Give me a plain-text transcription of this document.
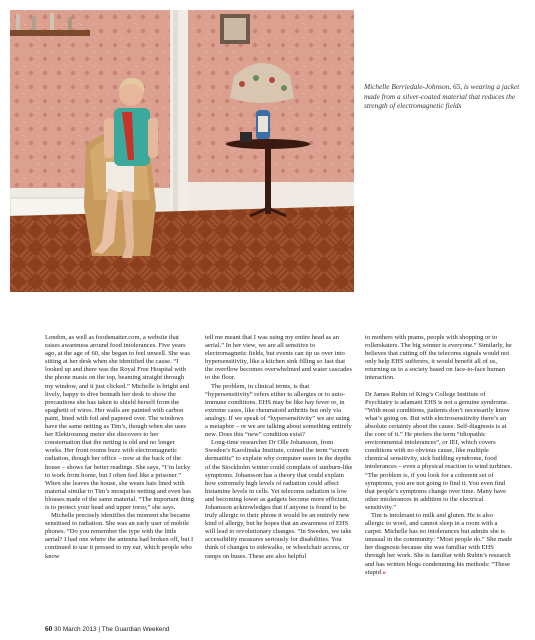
Michelle Berriedale-Johnson, 65, is wearing a jacket made from a silver-coated material that reduces the strength of electromagnetic fields

London, as well as foodsmatter.com, a website that raises awareness around food intolerances. Five years ago, at the age of 60, she began to feel unwell. She was sitting at her desk when she identified the cause. “I looked up and there was the Royal Free Hospital with the phone masts on the top, beaming straight through my window, and it just clicked.” Michelle is bright and lively, happy to dive beneath her desk to show the precautions she has taken to shield herself from the spaghetti of wires. Her walls are painted with carbon paint, lined with foil and papered over. The windows have the same netting as Tim’s, though when she uses her Elektrosmog meter she discovers to her consternation that the netting is old and no longer works. Her front rooms buzz with electromagnetic radiation, though her office – now at the back of the house – shows far better readings. She says, “I’m lucky to work from home, but I often feel like a prisoner.” When she leaves the house, she wears hats lined with material similar to Tim’s mosquito netting and even has blouses made of the same material. “The important thing is to protect your head and upper torso,” she says.

Michelle precisely identifies the moment she became sensitised to radiation. She was an early user of mobile phones. “Do you remember the type with the little aerial? I had one where the antenna had broken off, but I continued to use it pressed to my ear, which people who know

tell me meant that I was using my entire head as an aerial.” In her view, we are all sensitive to electromagnetic fields, but events can tip us over into hypersensitivity, like a kitchen sink filling so fast that the overflow becomes overwhelmed and water cascades to the floor.

The problem, in clinical terms, is that “hypersensitivity” refers either to allergies or to auto-immune conditions. EHS may be like hay fever or, in extreme cases, like rheumatoid arthritis but only via analogy. If we speak of “hypersensitivity” we are using a metaphor – or we are talking about something entirely new. Does this “new” condition exist?

Long-time researcher Dr Olle Johansson, from Sweden’s Karolinska Institute, coined the term “screen dermatitis” to explain why computer users in the depths of the Stockholm winter could complain of sunburn-like symptoms. Johansson has a theory that could explain how extremely high levels of radiation could affect histamine levels in cells. Yet telecoms radiation is low and becoming lower as gadgets become more efficient. Johansson acknowledges that if anyone is found to be truly allergic to their phone it would be an entirely new kind of allergy, but he hopes that an awareness of EHS will lead to revolutionary changes. “In Sweden, we take accessibility measures seriously for disabilities. You think of changes to sidewalks, or wheelchair access, or ramps on buses. These are also helpful

to mothers with prams, people with shopping or to rollerskaters. The big winner is everyone.” Similarly, he believes that cutting off the telecoms signals would not only help EHS sufferers, it would benefit all of us, returning us to a society based on face-to-face human interaction.

Dr James Rubin of King’s College Institute of Psychiatry is adamant EHS is not a genuine syndrome. “With most conditions, patients don’t necessarily know what’s going on. But with electrosensitivity there’s an absolute certainty about the cause. Self-diagnosis is at the core of it.” He prefers the term “idiopathic environmental intolerances”, or IEI, which covers conditions with no obvious cause, like multiple chemical sensitivity, sick building syndrome, food intolerances – even a physical reaction to wind turbines. “The problem is, if you look for a coherent set of symptoms, you are not going to find it. You even find that people’s symptoms change over time. Many have other intolerances in addition to the electrical sensitivity.”

Tim is intolerant to milk and gluten. He is also allergic to wool, and cannot sleep in a room with a carpet. Michelle has no intolerances but admits she is unusual in the community: “Most people do.” She made her diagnosis because she was familiar with EHS through her work. She is familiar with Rubin’s research and has written blogs condemning his methods: “These stupid »

60 30 March 2013 | The Guardian Weekend
